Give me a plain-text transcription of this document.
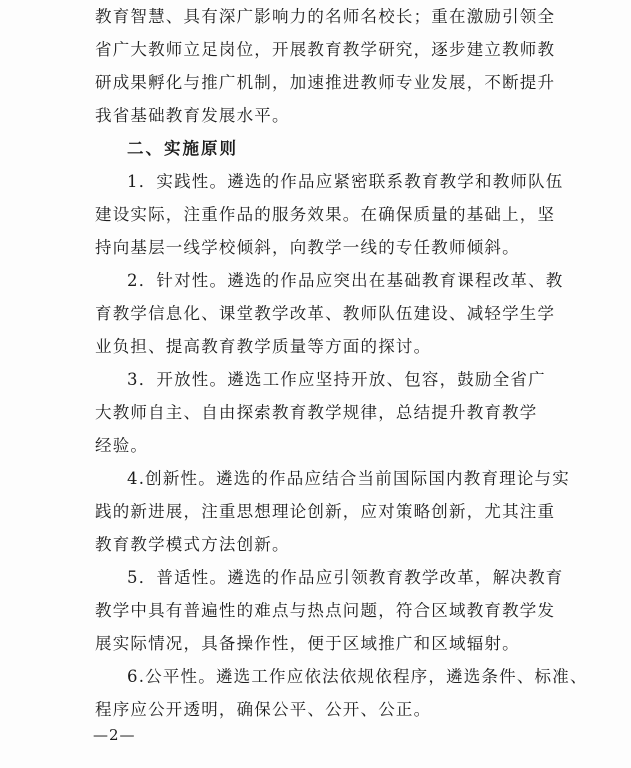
教育智慧、具有深广影响力的名师名校长；重在激励引领全
省广大教师立足岗位，开展教育教学研究，逐步建立教师教
研成果孵化与推广机制，加速推进教师专业发展，不断提升
我省基础教育发展水平。
二、实施原则
1．实践性。遴选的作品应紧密联系教育教学和教师队伍
建设实际，注重作品的服务效果。在确保质量的基础上，坚
持向基层一线学校倾斜，向教学一线的专任教师倾斜。
2．针对性。遴选的作品应突出在基础教育课程改革、教
育教学信息化、课堂教学改革、教师队伍建设、减轻学生学
业负担、提高教育教学质量等方面的探讨。
3．开放性。遴选工作应坚持开放、包容，鼓励全省广
大教师自主、自由探索教育教学规律，总结提升教育教学
经验。
4.创新性。遴选的作品应结合当前国际国内教育理论与实
践的新进展，注重思想理论创新，应对策略创新，尤其注重
教育教学模式方法创新。
5．普适性。遴选的作品应引领教育教学改革，解决教育
教学中具有普遍性的难点与热点问题，符合区域教育教学发
展实际情况，具备操作性，便于区域推广和区域辐射。
6.公平性。遴选工作应依法依规依程序，遴选条件、标准、
程序应公开透明，确保公平、公开、公正。
—2—
